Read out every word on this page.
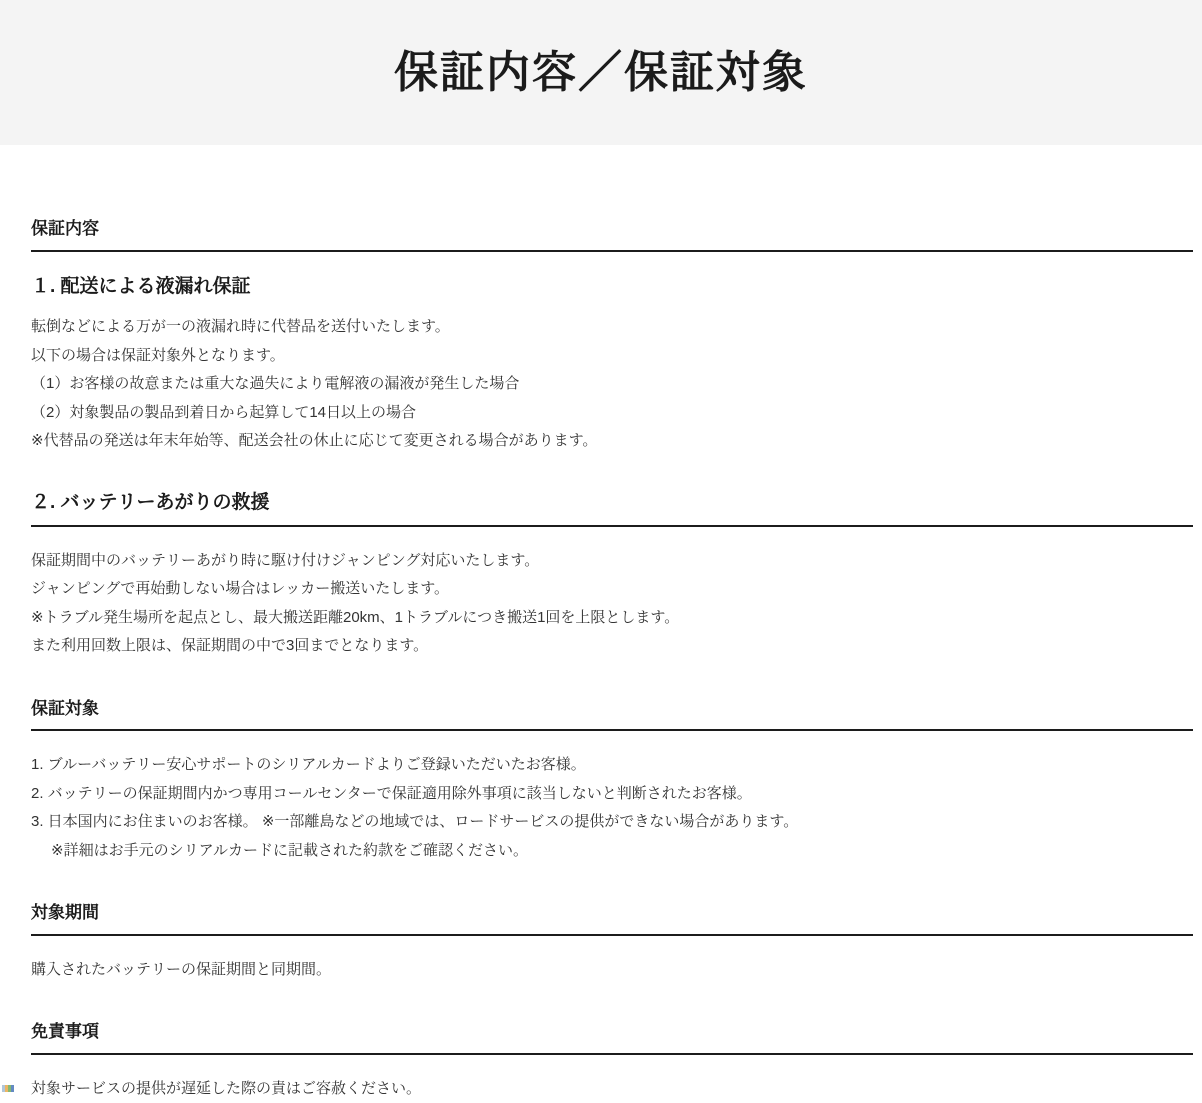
保証内容／保証対象
保証内容
１. 配送による液漏れ保証

転倒などによる万が一の液漏れ時に代替品を送付いたします。

以下の場合は保証対象外となります。

（1）お客様の故意または重大な過失により電解液の漏液が発生した場合

（2）対象製品の製品到着日から起算して14日以上の場合

※代替品の発送は年末年始等、配送会社の休止に応じて変更される場合があります。

２. バッテリーあがりの救援

保証期間中のバッテリーあがり時に駆け付けジャンピング対応いたします。

ジャンピングで再始動しない場合はレッカー搬送いたします。

※トラブル発生場所を起点とし、最大搬送距離20km、1トラブルにつき搬送1回を上限とします。

また利用回数上限は、保証期間の中で3回までとなります。

保証対象

1. ブルーバッテリー安心サポートのシリアルカードよりご登録いただいたお客様。

2. バッテリーの保証期間内かつ専用コールセンターで保証適用除外事項に該当しないと判断されたお客様。

3. 日本国内にお住まいのお客様。 ※一部離島などの地域では、ロードサービスの提供ができない場合があります。

※詳細はお手元のシリアルカードに記載された約款をご確認ください。

対象期間

購入されたバッテリーの保証期間と同期間。

免責事項

対象サービスの提供が遅延した際の責はご容赦ください。
